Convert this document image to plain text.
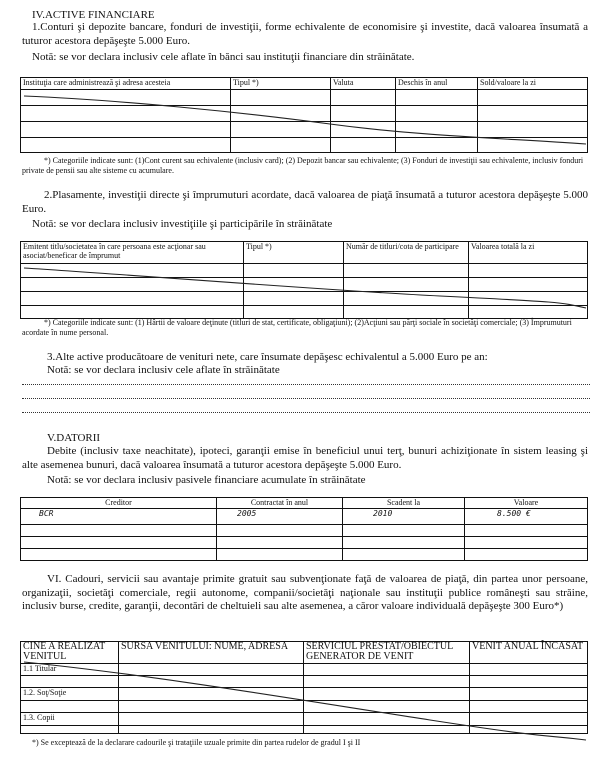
IV.ACTIVE FINANCIARE
1.Conturi şi depozite bancare, fonduri de investiţii, forme echivalente de economisire şi investite, dacă valoarea însumată a tuturor acestora depăşeşte 5.000 Euro.
Notă: se vor declara inclusiv cele aflate în bănci sau instituţii financiare din străinătate.
Instituţia care administrează şi adresa acesteia	Tipul *)	Valuta	Deschis în anul	Sold/valoare la zi

*) Categoriile indicate sunt: (1)Cont curent sau echivalente (inclusiv card); (2) Depozit bancar sau echivalente; (3) Fonduri de investiţii sau echivalente, inclusiv fonduri private de pensii sau alte sisteme cu acumulare.
2.Plasamente, investiţii directe şi împrumuturi acordate, dacă valoarea de piaţă însumată a tuturor acestora depăşeşte 5.000 Euro.
Notă: se vor declara inclusiv investiţiile şi participările în străinătate
Emitent titlu/societatea în care persoana este acţionar sau asociat/beneficar de împrumut	Tipul *)	Număr de titluri/cota de participare	Valoarea totală la zi

*) Categoriile indicate sunt: (1) Hârtii de valoare deţinute (titluri de stat, certificate, obligaţiuni); (2)Acţiuni sau părţi sociale în societăţi comerciale; (3) Împrumuturi acordate în nume personal.
3.Alte active producătoare de venituri nete, care însumate depăşesc echivalentul a 5.000 Euro pe an:
Notă: se vor declara inclusiv cele aflate în străinătate
V.DATORII
Debite (inclusiv taxe neachitate), ipoteci, garanţii emise în beneficiul unui terţ, bunuri achiziţionate în sistem leasing şi alte asemenea bunuri, dacă valoarea însumată a tuturor acestora depăşeşte 5.000 Euro.
Notă: se vor declara inclusiv pasivele financiare acumulate în străinătate
Creditor	Contractat în anul	Scadent la	Valoare
BCR	2005	2010	8.500 €

VI. Cadouri, servicii sau avantaje primite gratuit sau subvenţionate faţă de valoarea de piaţă, din partea unor persoane, organizaţii, societăţi comerciale, regii autonome, companii/societăţi naţionale sau instituţii publice româneşti sau străine, inclusiv burse, credite, garanţii, decontări de cheltuieli sau alte asemenea, a căror valoare individuală depăşeşte 300 Euro*)
CINE A REALIZAT VENITUL	SURSA VENITULUI: NUME, ADRESA	SERVICIUL PRESTAT/OBIECTUL GENERATOR DE VENIT	VENIT ANUAL ÎNCASAT
1.1 Titular			

1.2. Soţ/Soţie			

1.3. Copii			

*) Se exceptează de la declarare cadourile şi trataţiile uzuale primite din partea rudelor de gradul I şi II
